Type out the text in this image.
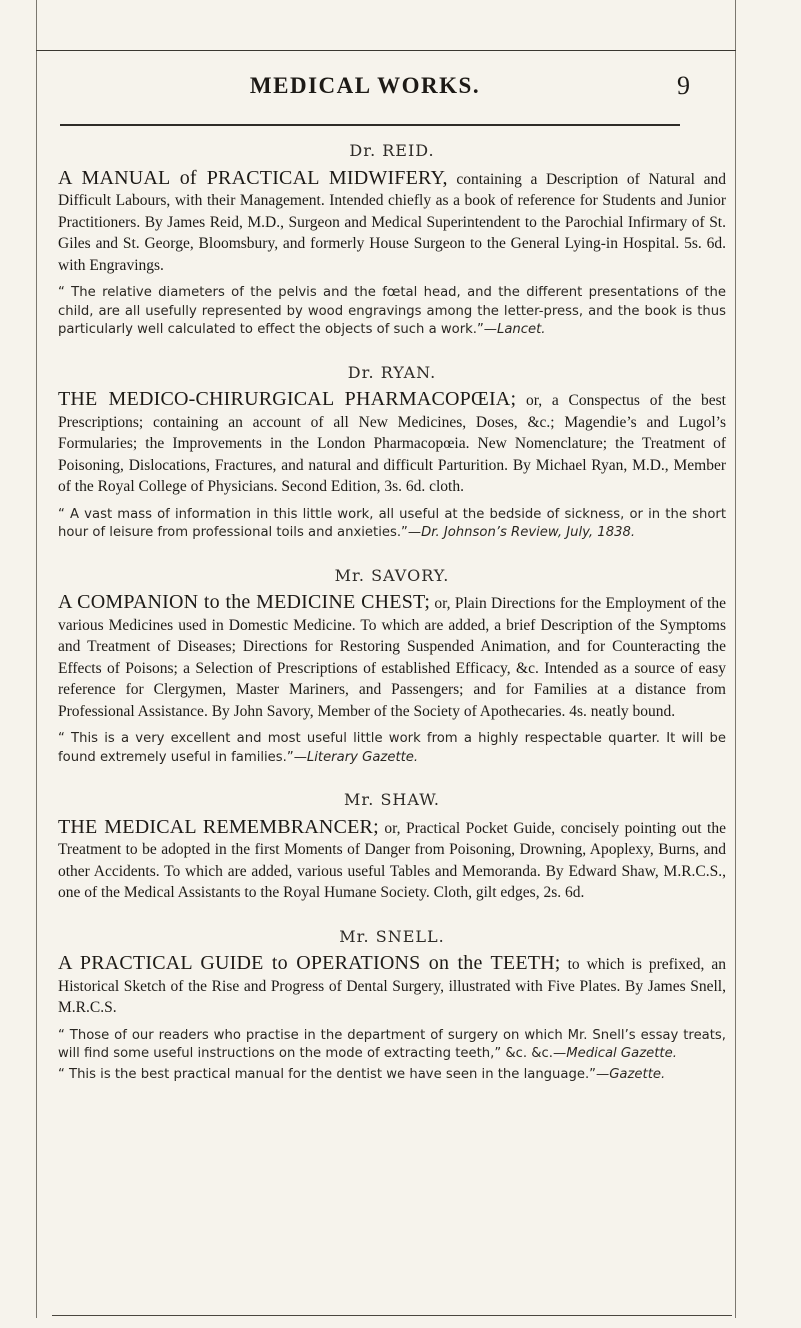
MEDICAL WORKS.	9
Dr. REID.

A MANUAL of PRACTICAL MIDWIFERY, containing a Description of Natural and Difficult Labours, with their Management. Intended chiefly as a book of reference for Students and Junior Practitioners. By James Reid, M.D., Surgeon and Medical Superintendent to the Parochial Infirmary of St. Giles and St. George, Bloomsbury, and formerly House Surgeon to the General Lying-in Hospital. 5s. 6d. with Engravings.

“ The relative diameters of the pelvis and the fœtal head, and the different presentations of the child, are all usefully represented by wood engravings among the letter-press, and the book is thus particularly well calculated to effect the objects of such a work.”—Lancet.

Dr. RYAN.

THE MEDICO-CHIRURGICAL PHARMACOPŒIA; or, a Conspectus of the best Prescriptions; containing an account of all New Medicines, Doses, &c.; Magendie’s and Lugol’s Formularies; the Improvements in the London Pharmacopœia. New Nomenclature; the Treatment of Poisoning, Dislocations, Fractures, and natural and difficult Parturition. By Michael Ryan, M.D., Member of the Royal College of Physicians. Second Edition, 3s. 6d. cloth.

“ A vast mass of information in this little work, all useful at the bedside of sickness, or in the short hour of leisure from professional toils and anxieties.”—Dr. Johnson’s Review, July, 1838.

Mr. SAVORY.

A COMPANION to the MEDICINE CHEST; or, Plain Directions for the Employment of the various Medicines used in Domestic Medicine. To which are added, a brief Description of the Symptoms and Treatment of Diseases; Directions for Restoring Suspended Animation, and for Counteracting the Effects of Poisons; a Selection of Prescriptions of established Efficacy, &c. Intended as a source of easy reference for Clergymen, Master Mariners, and Passengers; and for Families at a distance from Professional Assistance. By John Savory, Member of the Society of Apothecaries. 4s. neatly bound.

“ This is a very excellent and most useful little work from a highly respectable quarter. It will be found extremely useful in families.”—Literary Gazette.

Mr. SHAW.

THE MEDICAL REMEMBRANCER; or, Practical Pocket Guide, concisely pointing out the Treatment to be adopted in the first Moments of Danger from Poisoning, Drowning, Apoplexy, Burns, and other Accidents. To which are added, various useful Tables and Memoranda. By Edward Shaw, M.R.C.S., one of the Medical Assistants to the Royal Humane Society. Cloth, gilt edges, 2s. 6d.

Mr. SNELL.

A PRACTICAL GUIDE to OPERATIONS on the TEETH; to which is prefixed, an Historical Sketch of the Rise and Progress of Dental Surgery, illustrated with Five Plates. By James Snell, M.R.C.S.

“ Those of our readers who practise in the department of surgery on which Mr. Snell’s essay treats, will find some useful instructions on the mode of extracting teeth,” &c. &c.—Medical Gazette.

“ This is the best practical manual for the dentist we have seen in the language.”—Gazette.
